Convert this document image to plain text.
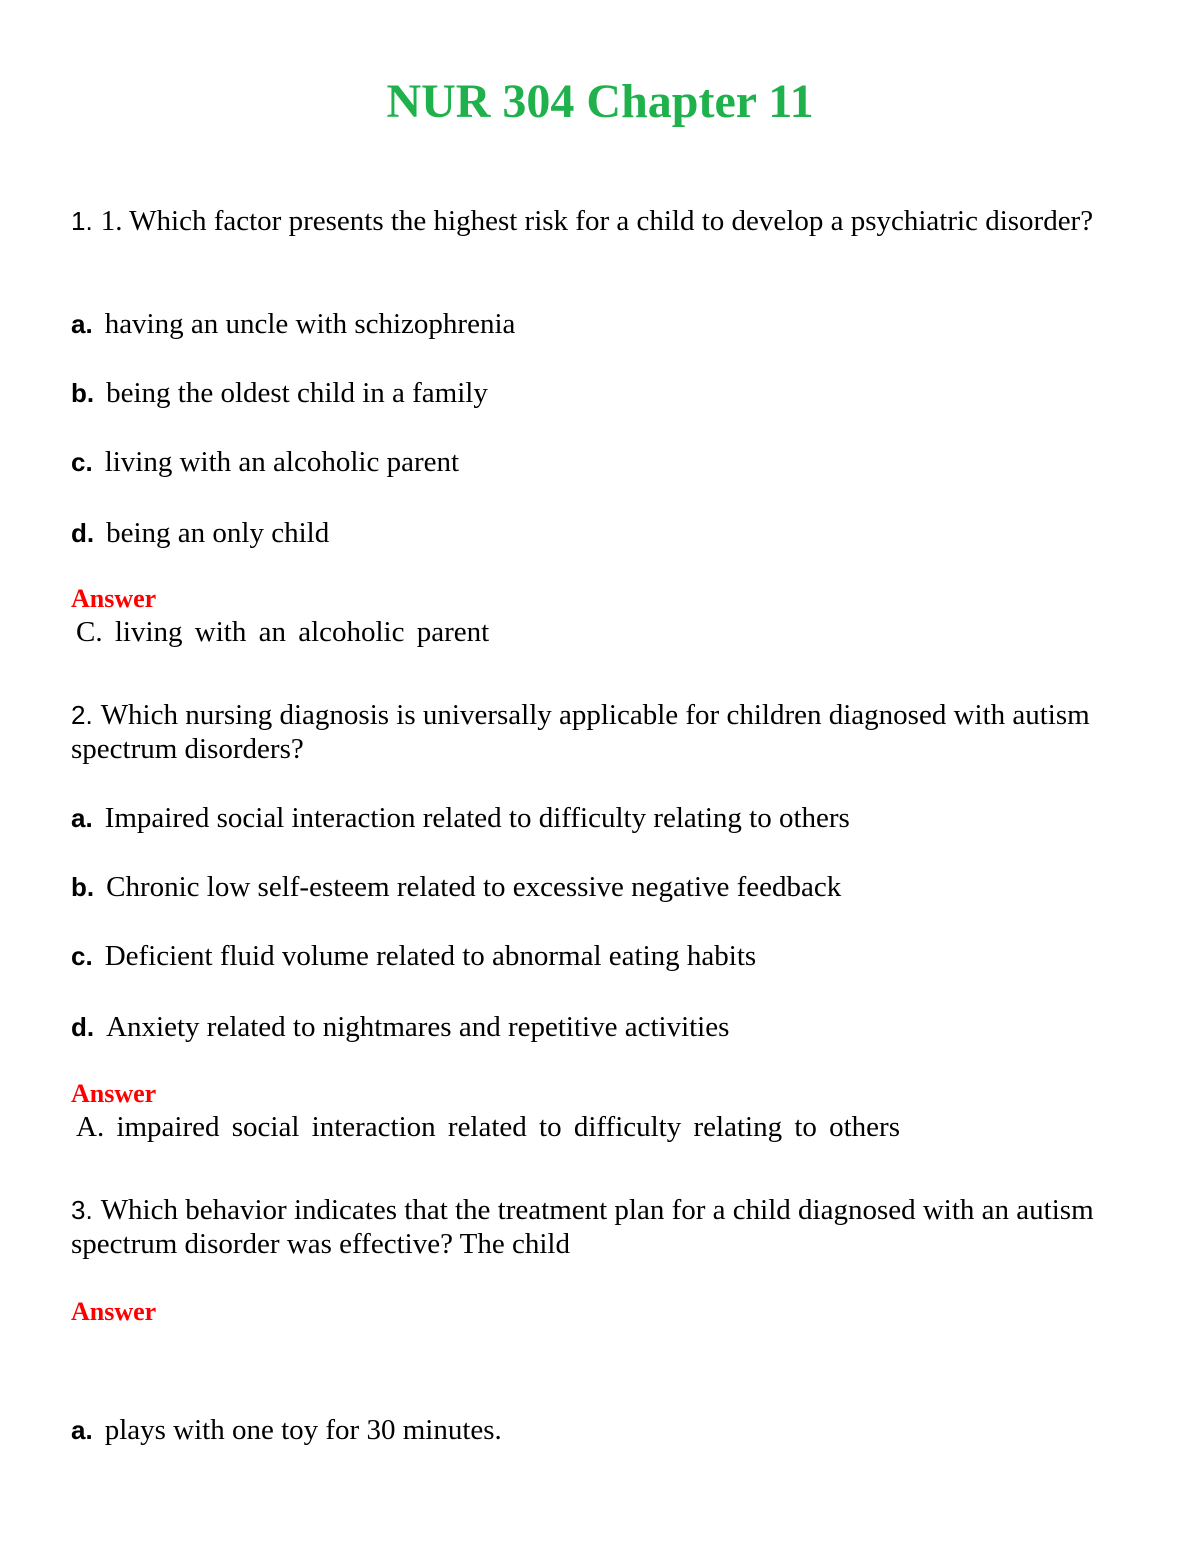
NUR 304 Chapter 11
1. 1. Which factor presents the highest risk for a child to develop a psychiatric disorder?
a. having an uncle with schizophrenia
b. being the oldest child in a family
c. living with an alcoholic parent
d. being an only child
Answer
C. living with an alcoholic parent
2. Which nursing diagnosis is universally applicable for children diagnosed with autism spectrum disorders?
a. Impaired social interaction related to difficulty relating to others
b. Chronic low self-esteem related to excessive negative feedback
c. Deficient fluid volume related to abnormal eating habits
d. Anxiety related to nightmares and repetitive activities
Answer
A. impaired social interaction related to difficulty relating to others
3. Which behavior indicates that the treatment plan for a child diagnosed with an autism spectrum disorder was effective? The child
Answer
a. plays with one toy for 30 minutes.
